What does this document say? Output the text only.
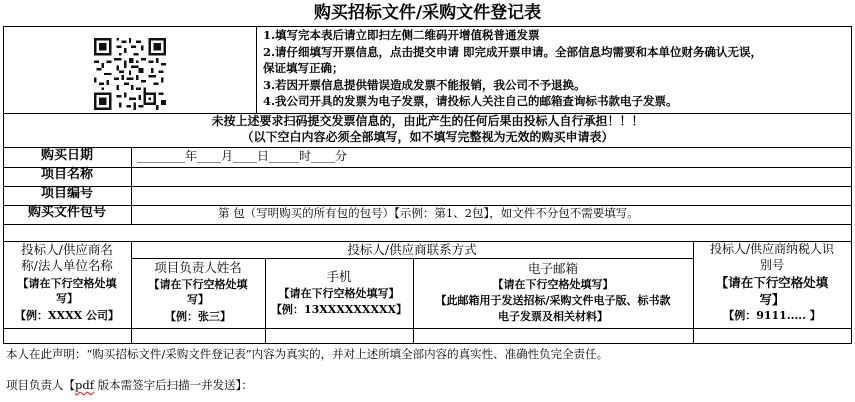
购买招标文件/采购文件登记表
1.填写完本表后请立即扫左侧二维码开增值税普通发票
2.请仔细填写开票信息，点击提交申请 即完成开票申请。全部信息均需要和本单位财务确认无误，
保证填写正确；
3.若因开票信息提供错误造成发票不能报销，我公司不予退换。
4.我公司开具的发票为电子发票，请投标人关注自己的邮箱查询标书款电子发票。
未按上述要求扫码提交发票信息的，由此产生的任何后果由投标人自行承担！！！
（以下空白内容必须全部填写，如不填写完整视为无效的购买申请表）
购买日期	________年____月____日_____时____分
项目名称
项目编号
购买文件包号	第 包（写明购买的所有包的包号）【示例：第1、2包】，如文件不分包不需要填写。
投标人/供应商名
称/法人单位名称
【请在下行空格处填
写】
【例：XXXX 公司】
投标人/供应商联系方式
项目负责人姓名
【请在下行空格处填
写】
【例：张三】
手机
【请在下行空格处填写】
【例：13XXXXXXXXX】
电子邮箱
【请在下行空格处填写】
【此邮箱用于发送招标/采购文件电子版、标书款
电子发票及相关材料】
投标人/供应商纳税人识
别号
【请在下行空格处填
写】
【例：9111..... 】
本人在此声明：“购买招标文件/采购文件登记表”内容为真实的，并对上述所填全部内容的真实性、准确性负完全责任。
项目负责人【pdf 版本需签字后扫描一并发送】：
